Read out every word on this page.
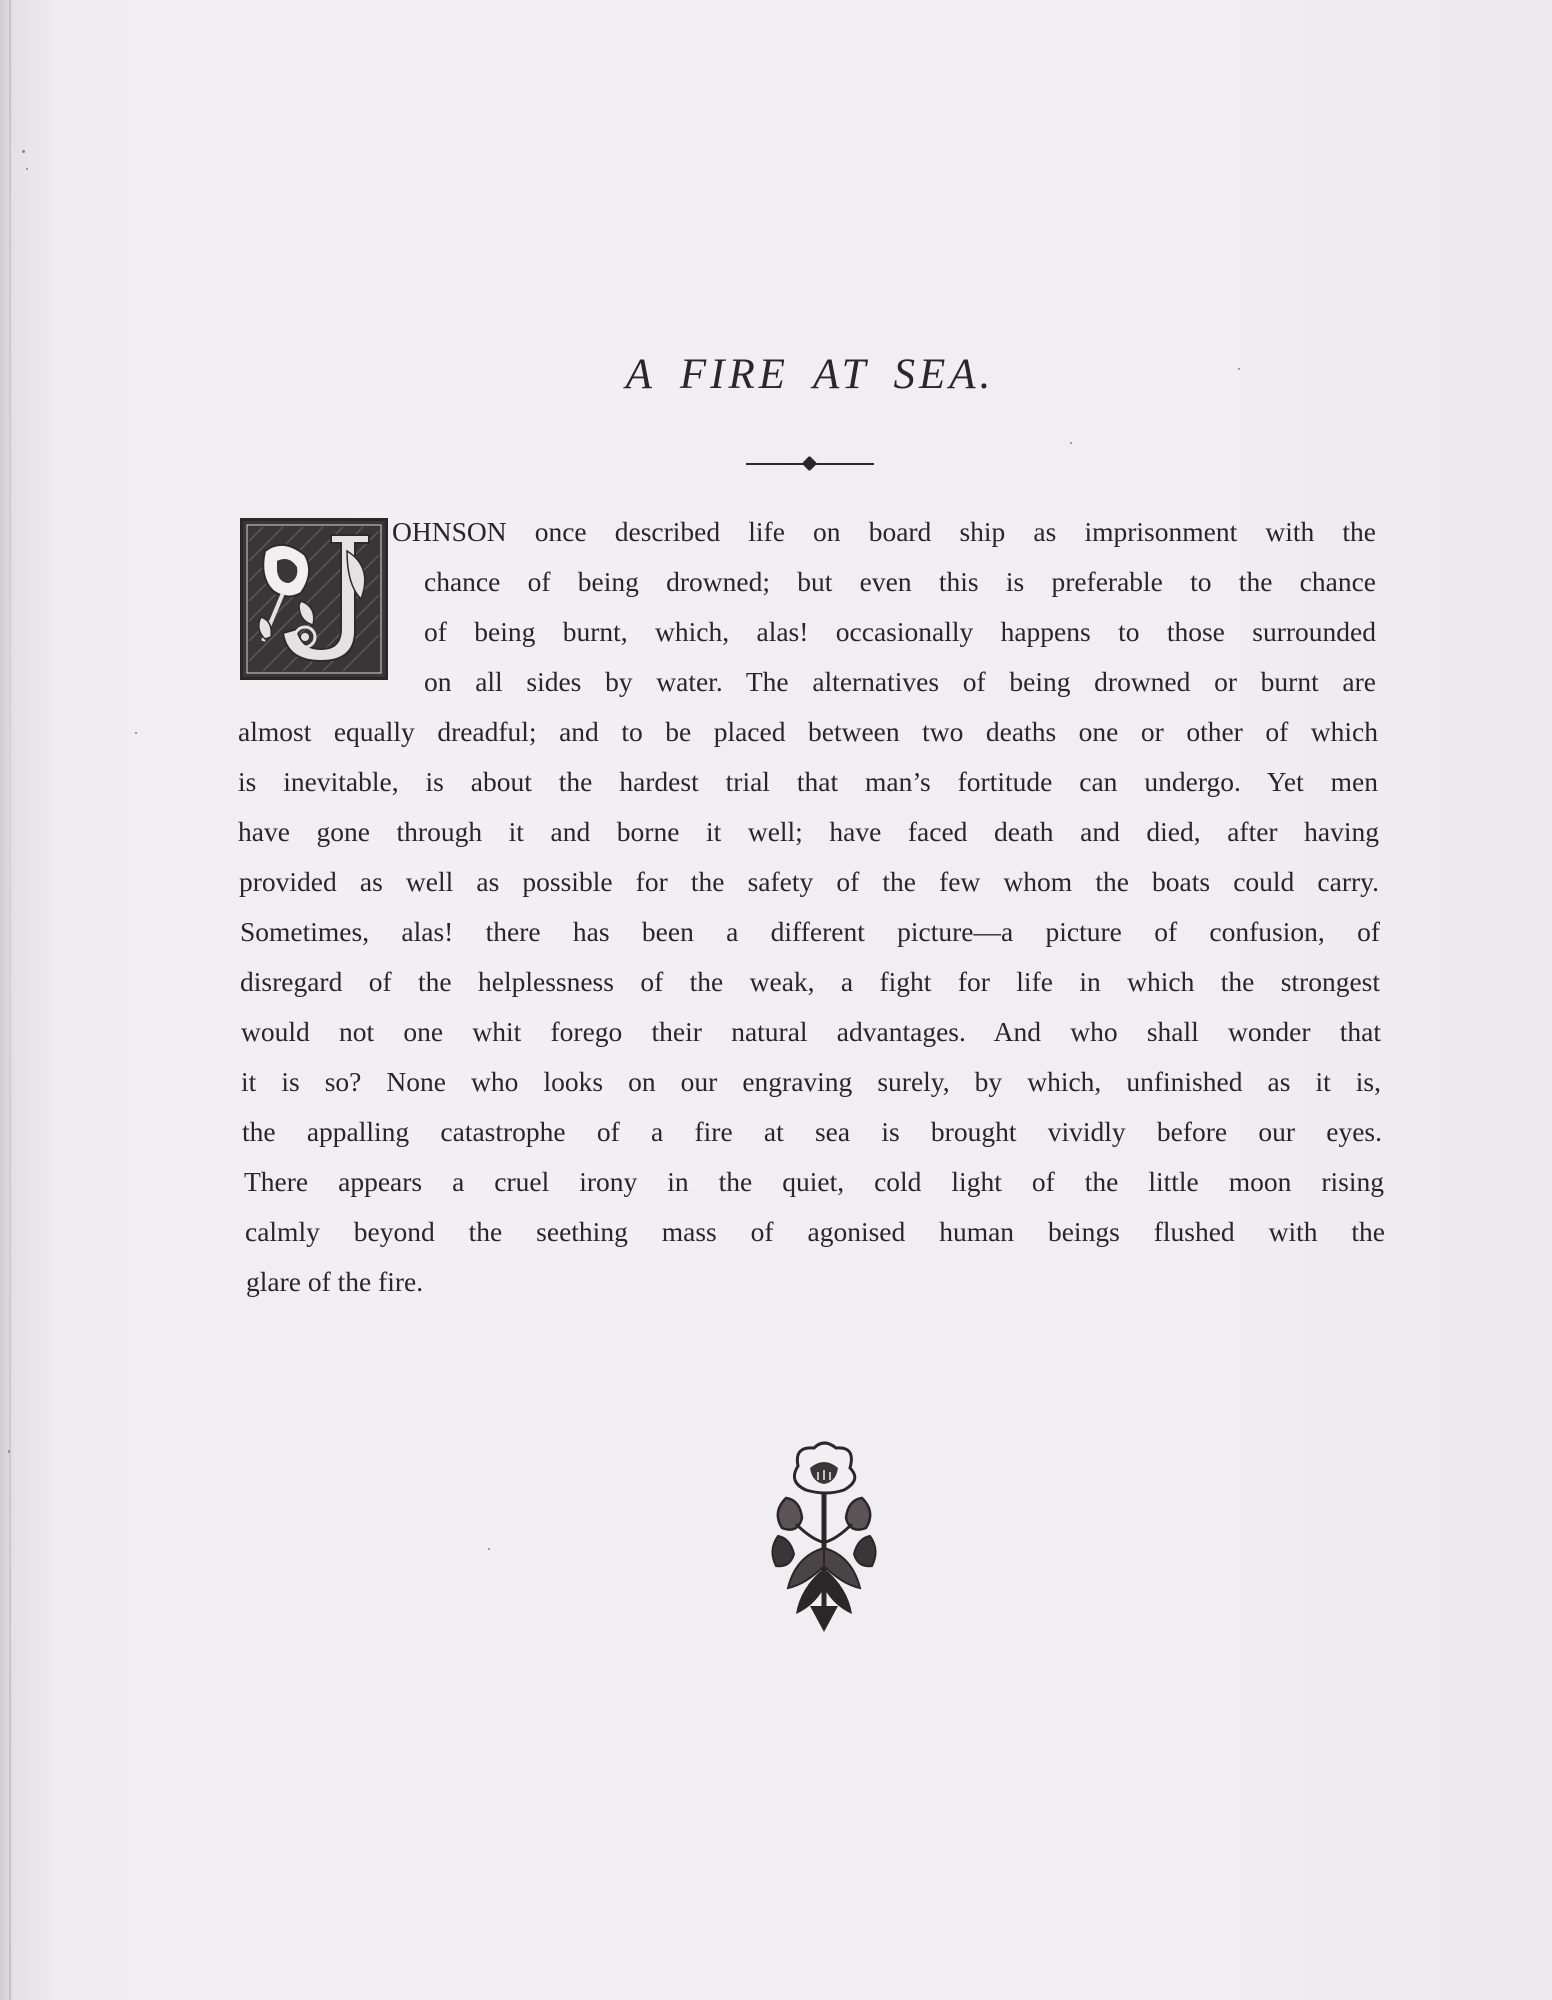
A FIRE AT SEA.
OHNSON once described life on board ship as imprisonment with the
chance of being drowned; but even this is preferable to the chance
of being burnt, which, alas! occasionally happens to those surrounded
on all sides by water. The alternatives of being drowned or burnt are
almost equally dreadful; and to be placed between two deaths one or other of which
is inevitable, is about the hardest trial that man’s fortitude can undergo. Yet men
have gone through it and borne it well; have faced death and died, after having
provided as well as possible for the safety of the few whom the boats could carry.
Sometimes, alas! there has been a different picture—a picture of confusion, of
disregard of the helplessness of the weak, a fight for life in which the strongest
would not one whit forego their natural advantages. And who shall wonder that
it is so? None who looks on our engraving surely, by which, unfinished as it is,
the appalling catastrophe of a fire at sea is brought vividly before our eyes.
There appears a cruel irony in the quiet, cold light of the little moon rising
calmly beyond the seething mass of agonised human beings flushed with the
glare of the fire.
